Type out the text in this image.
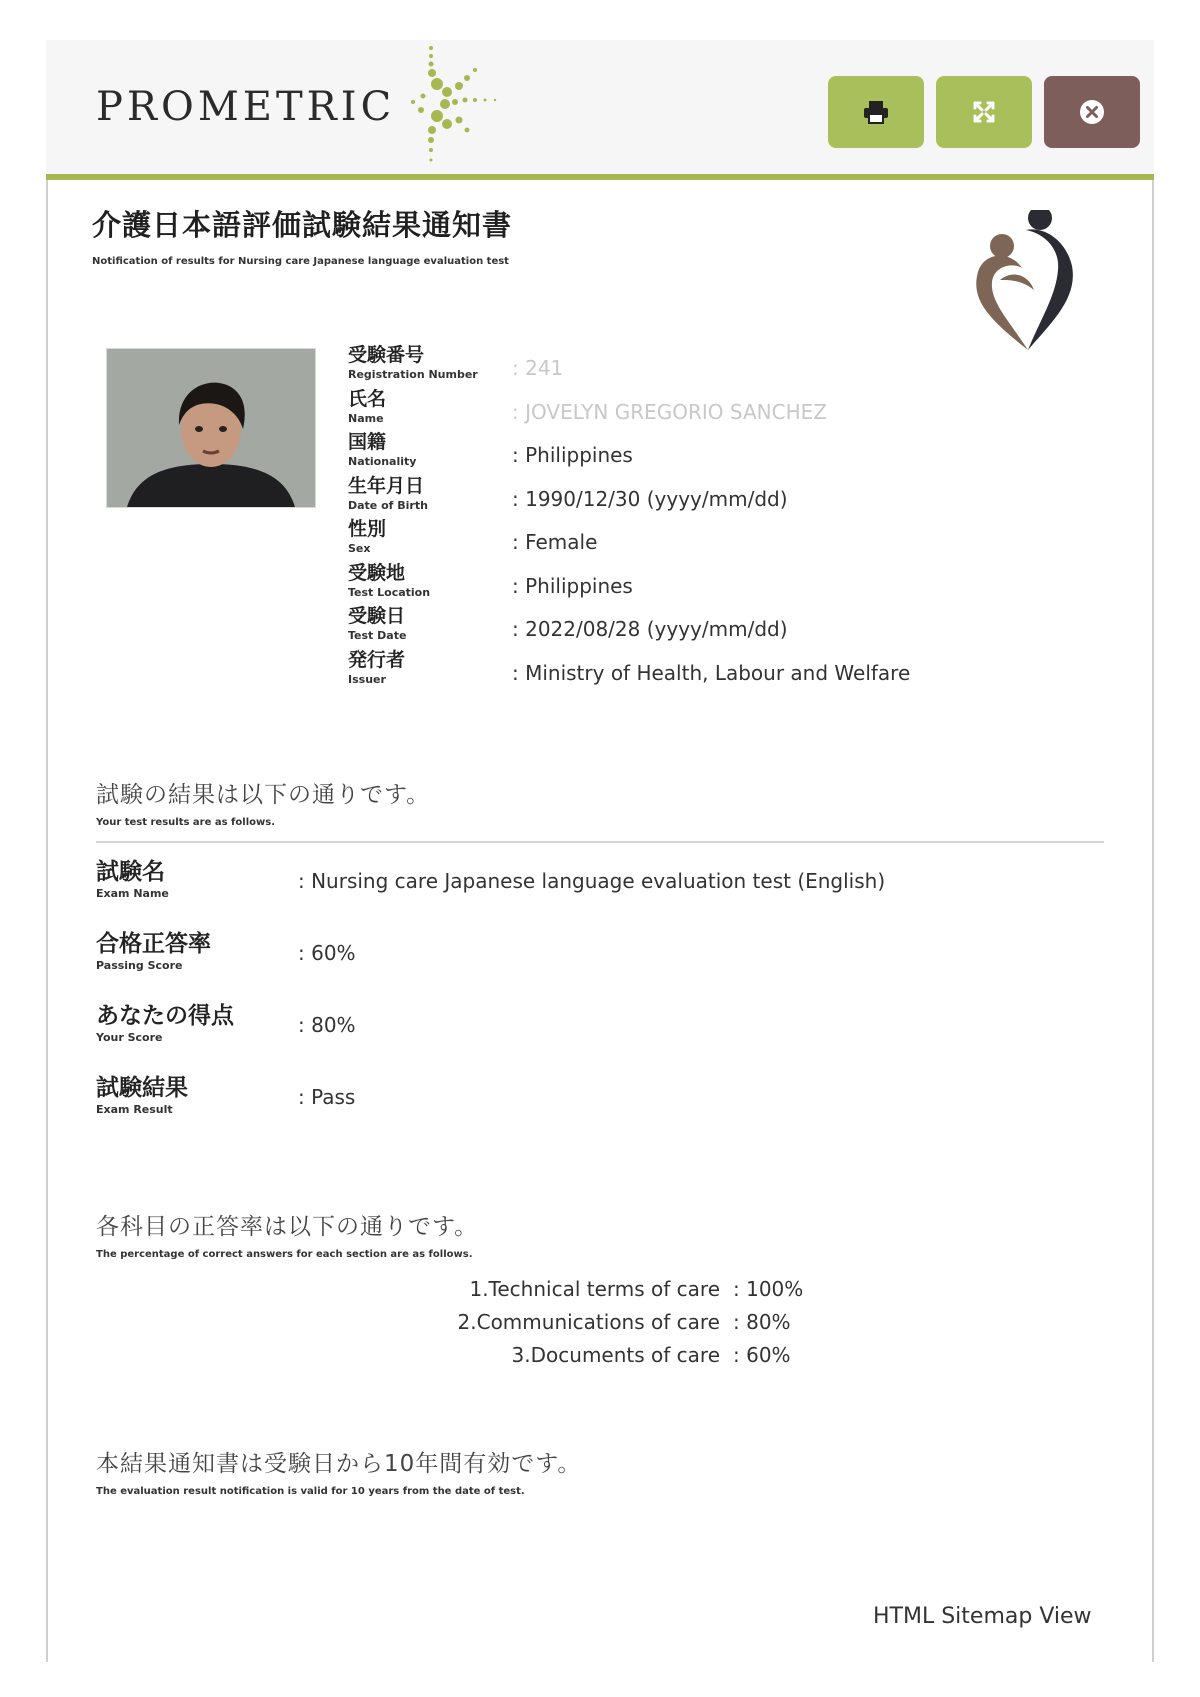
PROMETRIC
介護日本語評価試験結果通知書
Notification of results for Nursing care Japanese language evaluation test
受験番号
Registration Number
氏名
Name
国籍
Nationality
生年月日
Date of Birth
性別
Sex
受験地
Test Location
受験日
Test Date
発行者
Issuer
: 241
: JOVELYN GREGORIO SANCHEZ
: Philippines
: 1990/12/30 (yyyy/mm/dd)
: Female
: Philippines
: 2022/08/28 (yyyy/mm/dd)
: Ministry of Health, Labour and Welfare
試験の結果は以下の通りです。
Your test results are as follows.
試験名
Exam Name
: Nursing care Japanese language evaluation test (English)
合格正答率
Passing Score
: 60%
あなたの得点
Your Score
: 80%
試験結果
Exam Result
: Pass
各科目の正答率は以下の通りです。
The percentage of correct answers for each section are as follows.
1.Technical terms of care : 100%
2.Communications of care : 80%
3.Documents of care : 60%
本結果通知書は受験日から10年間有効です。
The evaluation result notification is valid for 10 years from the date of test.
HTML Sitemap View
